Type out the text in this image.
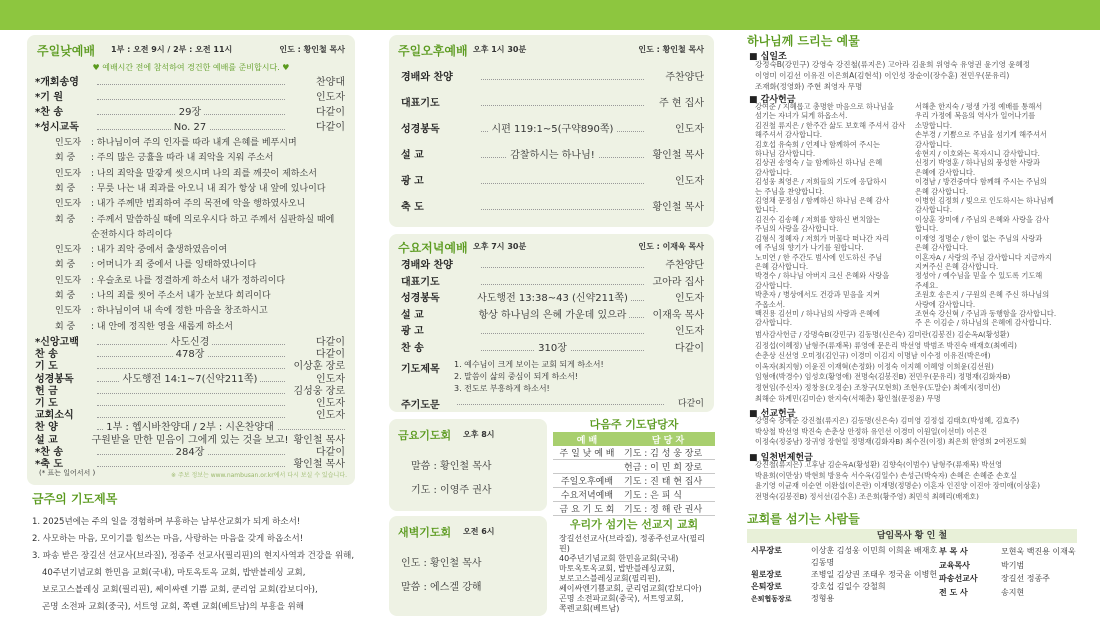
주일낮예배 1부 : 오전 9시 / 2부 : 오전 11시	인도 : 황인철 목사
♥ 예배시간 전에 참석하여 경건한 예배를 준비합시다. ♥
*개회송영	찬양대
*기 원	인도자
*찬 송	29장	다같이
*성시교독	No. 27	다같이
인도자 : 하나님이여 주의 인자를 따라 내게 은혜를 베푸시며
회 중 : 주의 많은 긍휼을 따라 내 죄악을 지워 주소서
인도자 : 나의 죄악을 말갛게 씻으시며 나의 죄를 깨끗이 제하소서
회 중 : 무릇 나는 내 죄과를 아오니 내 죄가 항상 내 앞에 있나이다
인도자 : 내가 주께만 범죄하여 주의 목전에 악을 행하였사오니
회 중 : 주께서 말씀하실 때에 의로우시다 하고 주께서 심판하실 때에
순전하시다 하리이다
인도자 : 내가 죄악 중에서 출생하였음이여
회 중 : 어머니가 죄 중에서 나를 잉태하였나이다
인도자 : 우슬초로 나를 정결하게 하소서 내가 정하리이다
회 중 : 나의 죄를 씻어 주소서 내가 눈보다 희리이다
인도자 : 하나님이여 내 속에 정한 마음을 창조하시고
회 중 : 내 안에 정직한 영을 새롭게 하소서
*신앙고백	사도신경	다같이
찬 송	478장	다같이
기 도	이상훈 장로
성경봉독	사도행전 14:1~7(신약211쪽)	인도자
헌 금	김성웅 장로
기 도	인도자
교회소식	인도자
찬 양	1부 : 헵시바찬양대 / 2부 : 시온찬양대
설 교	구원받을 만한 믿음이 그에게 있는 것을 보고! 황인철 목사
*찬 송	284장	다같이
*축 도	황인철 목사
(* 표는 일어서서 )	※ 주보 정보는 www.nambusan.or.kr에서 다시 보실 수 있습니다.
금주의 기도제목
1. 2025년에는 주의 일을 경험하며 부흥하는 남부산교회가 되게 하소서!
2. 사모하는 마음, 모이기를 힘쓰는 마음, 사랑하는 마음을 갖게 하옵소서!
3. 파송 받은 장길선 선교사(브라질), 정종주 선교사(필리핀)의 현지사역과 건강을 위해,
40주년기념교회 한민음 교회(국내), 마토옥토옥 교회, 밥반블레싱 교회,
보로고스블레싱 교회(필리핀), 쎄이싸렌 기쁨 교회, 쿤리엄 교회(캄보디아),
곤명 소전파 교회(중국), 서트영 교회, 쪽렌 교회(베트남)의 부흥을 위해
주일오후예배 오후 1시 30분	인도 : 황인철 목사
경배와 찬양	주찬양단
대표기도	주 현 집사
성경봉독	시편 119:1~5(구약890쪽)	인도자
설 교	감찰하시는 하나님!	황인철 목사
광 고	인도자
축 도	황인철 목사
수요저녁예배 오후 7시 30분	인도 : 이재욱 목사
경배와 찬양	주찬양단
대표기도	고아라 집사
성경봉독	사도행전 13:38~43 (신약211쪽)	인도자
설 교	항상 하나님의 은혜 가운데 있으라	이재욱 목사
광 고	인도자
찬 송	310장	다같이
기도제목 1. 예수님이 크게 보이는 교회 되게 하소서!
2. 말씀이 삶의 중심이 되게 하소서!
3. 전도로 부흥하게 하소서!
주기도문	다같이
금요기도회 오후 8시
말씀 : 황인철 목사
기도 : 이영주 권사
새벽기도회 오전 6시
인도 : 황인철 목사
말씀 : 에스겔 강해
다음주 기도담당자
예 배	담 당 자
주 일 낮 예 배	기도 : 김 성 웅 장로
	헌금 : 이 민 희 장로
주일오후예배	기도 : 진 태 현 집사
수요저녁예배	기도 : 은 피 식
금 요 기 도 회	기도 : 정 해 란 권사
우리가 섬기는 선교지 교회
장길선선교사(브라질), 정종주선교사(필리핀)
40주년기념교회 한민음교회(국내)
마토옥토옥교회, 밥반블레싱교회,
보로고스블레싱교회(필리핀),
쎄이싸엔기쁨교회, 쿤리엄교회(캄보디아)
곤명 소전파교회(중국), 서트영교회,
쪽렌교회(베트남)
하나님께 드리는 예물
■ 십일조
강정숙B(강민구) 강영숙 강진철(류지은) 고아라 김윤희 위영숙 유영권 윤기영 윤혜정
이영미 이김선 이유진 이은희A(김현석) 이인성 장순이(장수훈) 전민우(문유리)
조재화(정영화) 주현 최영자 무명
■ 감사헌금
강여준 / 지혜롭고 총명한 마음으로 하나님을
섬기는 자녀가 되게 하옵소서.
김진철 류지은 / 한주간 삶도 보호해 주셔서 감사
해주셔서 감사합니다.
김호섭 유숙희 / 언제나 함께하여 주시는
하나님 감사합니다.
김상권 송영숙 / 늘 함께하신 하나님 은혜
감사합니다.
김성웅 최영은 / 저희들의 기도에 응답하시
는 주님을 찬양합니다.
김영채 문정심 / 함께하신 하나님 은혜 감사
합니다.
김진수 김송혜 / 저희를 향하신 변치않는
주님의 사랑을 감사합니다.
김형식 정혜자 / 저희가 머물다 떠나간 자리
에 주님의 향기가 나기를 원합니다.
노미연 / 한 주간도 범사에 인도하신 주님
은혜 감사합니다.
박경수 / 하나님 아버지 크신 은혜와 사랑을
감사합니다.
박춘자 / 병상에서도 건강과 믿음을 지켜
주옵소서.
백진용 김선미 / 하나님의 사랑과 은혜에
감사합니다.
서해춘 한지숙 / 평생 가정 예배를 통해서
우리 가정에 복음의 역사가 일어나기를
소망합니다.
손부경 / 기쁨으로 주님을 섬기게 해주셔서
감사합니다.
송현지 / 이호와는 목자시니 감사합니다.
신정기 박영훈 / 하나님의 풍성한 사랑과
은혜에 감사합니다.
이경남 / 방견중마다 함께해 주시는 주님의
은혜 감사합니다.
이병헌 김정희 / 빛으로 인도하시는 하나님께
감사합니다.
이상훈 장미애 / 주님의 은혜와 사랑을 감사
합니다.
이재영 정명순 / 한이 없는 주님의 사랑과
은혜 감사합니다.
이혼자A / 사랑의 주님 감사합니다 지금까지
지켜주신 은혜 감사합니다.
정성아 / 예수님을 믿을 수 있도록 기도해
주세요.
조원호 송은지 / 구원의 은혜 주신 하나님의
사랑에 감사합니다.
조현숙 강신혁 / 주님과 동행함을 감사합니다.
주 은 이김순 / 하나님의 은혜에 감사합니다.
범사감사헌금 / 강명숙B(강민구) 김동명(신은숙) 김미란(김봉진) 김순옥A(황성환)
김정섭(이혜정) 남형주(류재복) 류영애 문은리 박선영 박범조 박진숙 배재호(최예리)
손춘상 신선영 오미정(김인규) 이경미 이김지 이명남 이수정 이유진(박은애)
이옥자(최지형) 이윤진 이재혁(손정화) 이정숙 이지혜 이혜영 이희윤(김선원)
임형애(박경수) 임성호(황영애) 전명숙(김봉진B) 전민우(문유리) 정명재(김화자B)
정현임(주신자) 정창용(오정순) 조창구(모현희) 조현우(도말순) 최예지(정미선)
최해순 하계민(김미순) 한지숙(서해춘) 황인철(문정윤) 무명
■ 선교헌금
강영숙 장예준 강진철(류지은) 김동명(신은숙) 김미영 김정섭 김태호(박성혜, 김효주)
박상철 박선영 박진숙 손춘상 안정하 유인선 이경미 이원일(이선미) 이은진
이정숙(정중남) 장귀영 장현일 정명재(김화자B) 최수진(이정) 최은희 한영희 2여전도회
■ 일천번제헌금
강진철(류지은) 고후남 김순옥A(황성환) 김향숙(이범수) 남형주(류재복) 박선영
박윤희(이만상) 박현희 방용숙 서수옥(김일수) 손성근(박숙자) 손혜은 손혜준 손호실
윤기영 이균재 이순연 이완섭(이은란) 이재명(정명순) 이혼자 인진양 이진아 장미애(이상훈)
전명숙(김봉진B) 정서선(김수흔) 조은희(황주영) 최민석 최혜리(배재호)
교회를 섬기는 사람들
담임목사 황 인 철
시무장로	이상훈 김성웅 이민희 이희윤 배재호
김동명
원로장로	조병일 김상권 조태우 정국윤 이병헌
은퇴장로	강호섭 김일수 강철희
은퇴협동장로 정형용
부 목 사	모현욱 백진용 이재욱
교육목사	박기범
파송선교사	장길선 정종주
전 도 사	송지현
